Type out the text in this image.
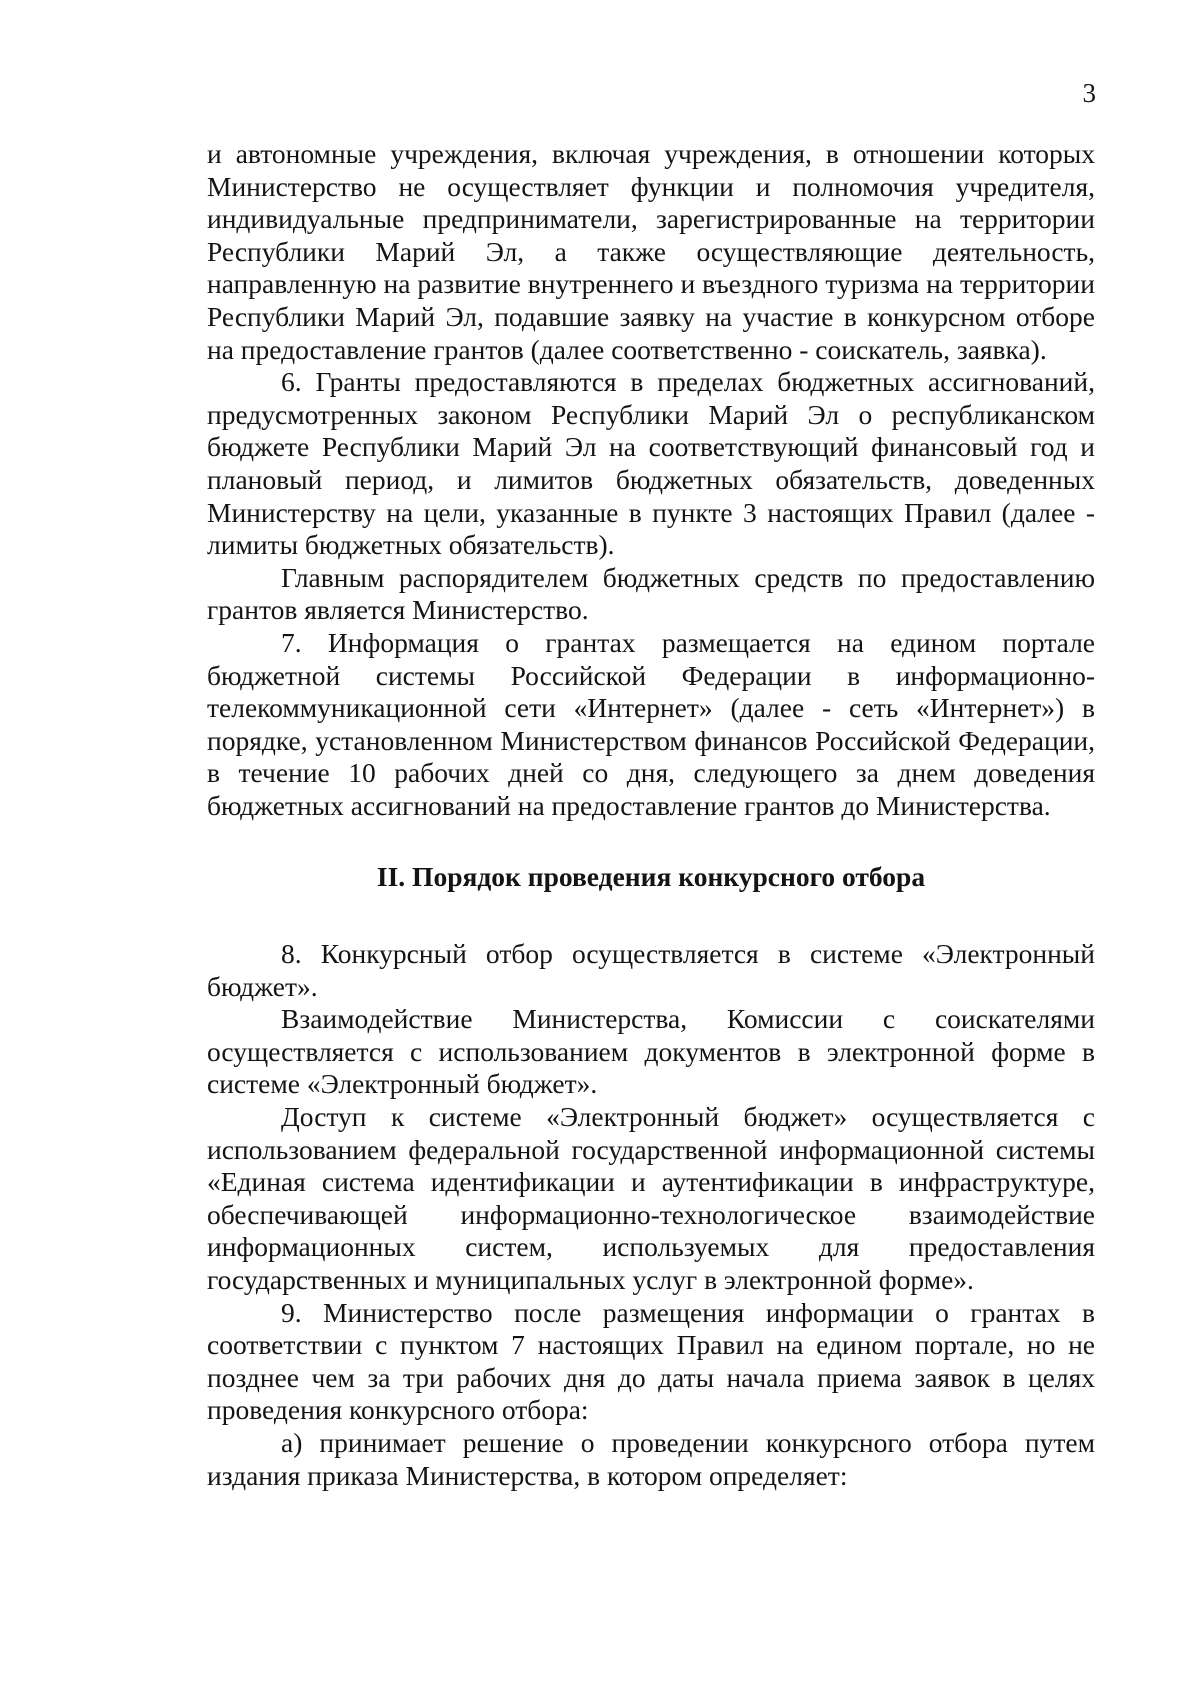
3

и автономные учреждения, включая учреждения, в отношении которых Министерство не осуществляет функции и полномочия учредителя, индивидуальные предприниматели, зарегистрированные на территории Республики Марий Эл, а также осуществляющие деятельность, направленную на развитие внутреннего и въездного туризма на территории Республики Марий Эл, подавшие заявку на участие в конкурсном отборе на предоставление грантов (далее соответственно - соискатель, заявка).

6. Гранты предоставляются в пределах бюджетных ассигнований, предусмотренных законом Республики Марий Эл о республиканском бюджете Республики Марий Эл на соответствующий финансовый год и плановый период, и лимитов бюджетных обязательств, доведенных Министерству на цели, указанные в пункте 3 настоящих Правил (далее - лимиты бюджетных обязательств).

Главным распорядителем бюджетных средств по предоставлению грантов является Министерство.

7. Информация о грантах размещается на едином портале бюджетной системы Российской Федерации в информационно-телекоммуникационной сети «Интернет» (далее - сеть «Интернет») в порядке, установленном Министерством финансов Российской Федерации, в течение 10 рабочих дней со дня, следующего за днем доведения бюджетных ассигнований на предоставление грантов до Министерства.

II. Порядок проведения конкурсного отбора

8. Конкурсный отбор осуществляется в системе «Электронный бюджет».

Взаимодействие Министерства, Комиссии с соискателями осуществляется с использованием документов в электронной форме в системе «Электронный бюджет».

Доступ к системе «Электронный бюджет» осуществляется с использованием федеральной государственной информационной системы «Единая система идентификации и аутентификации в инфраструктуре, обеспечивающей информационно-технологическое взаимодействие информационных систем, используемых для предоставления государственных и муниципальных услуг в электронной форме».

9. Министерство после размещения информации о грантах в соответствии с пунктом 7 настоящих Правил на едином портале, но не позднее чем за три рабочих дня до даты начала приема заявок в целях проведения конкурсного отбора:

а) принимает решение о проведении конкурсного отбора путем издания приказа Министерства, в котором определяет:
